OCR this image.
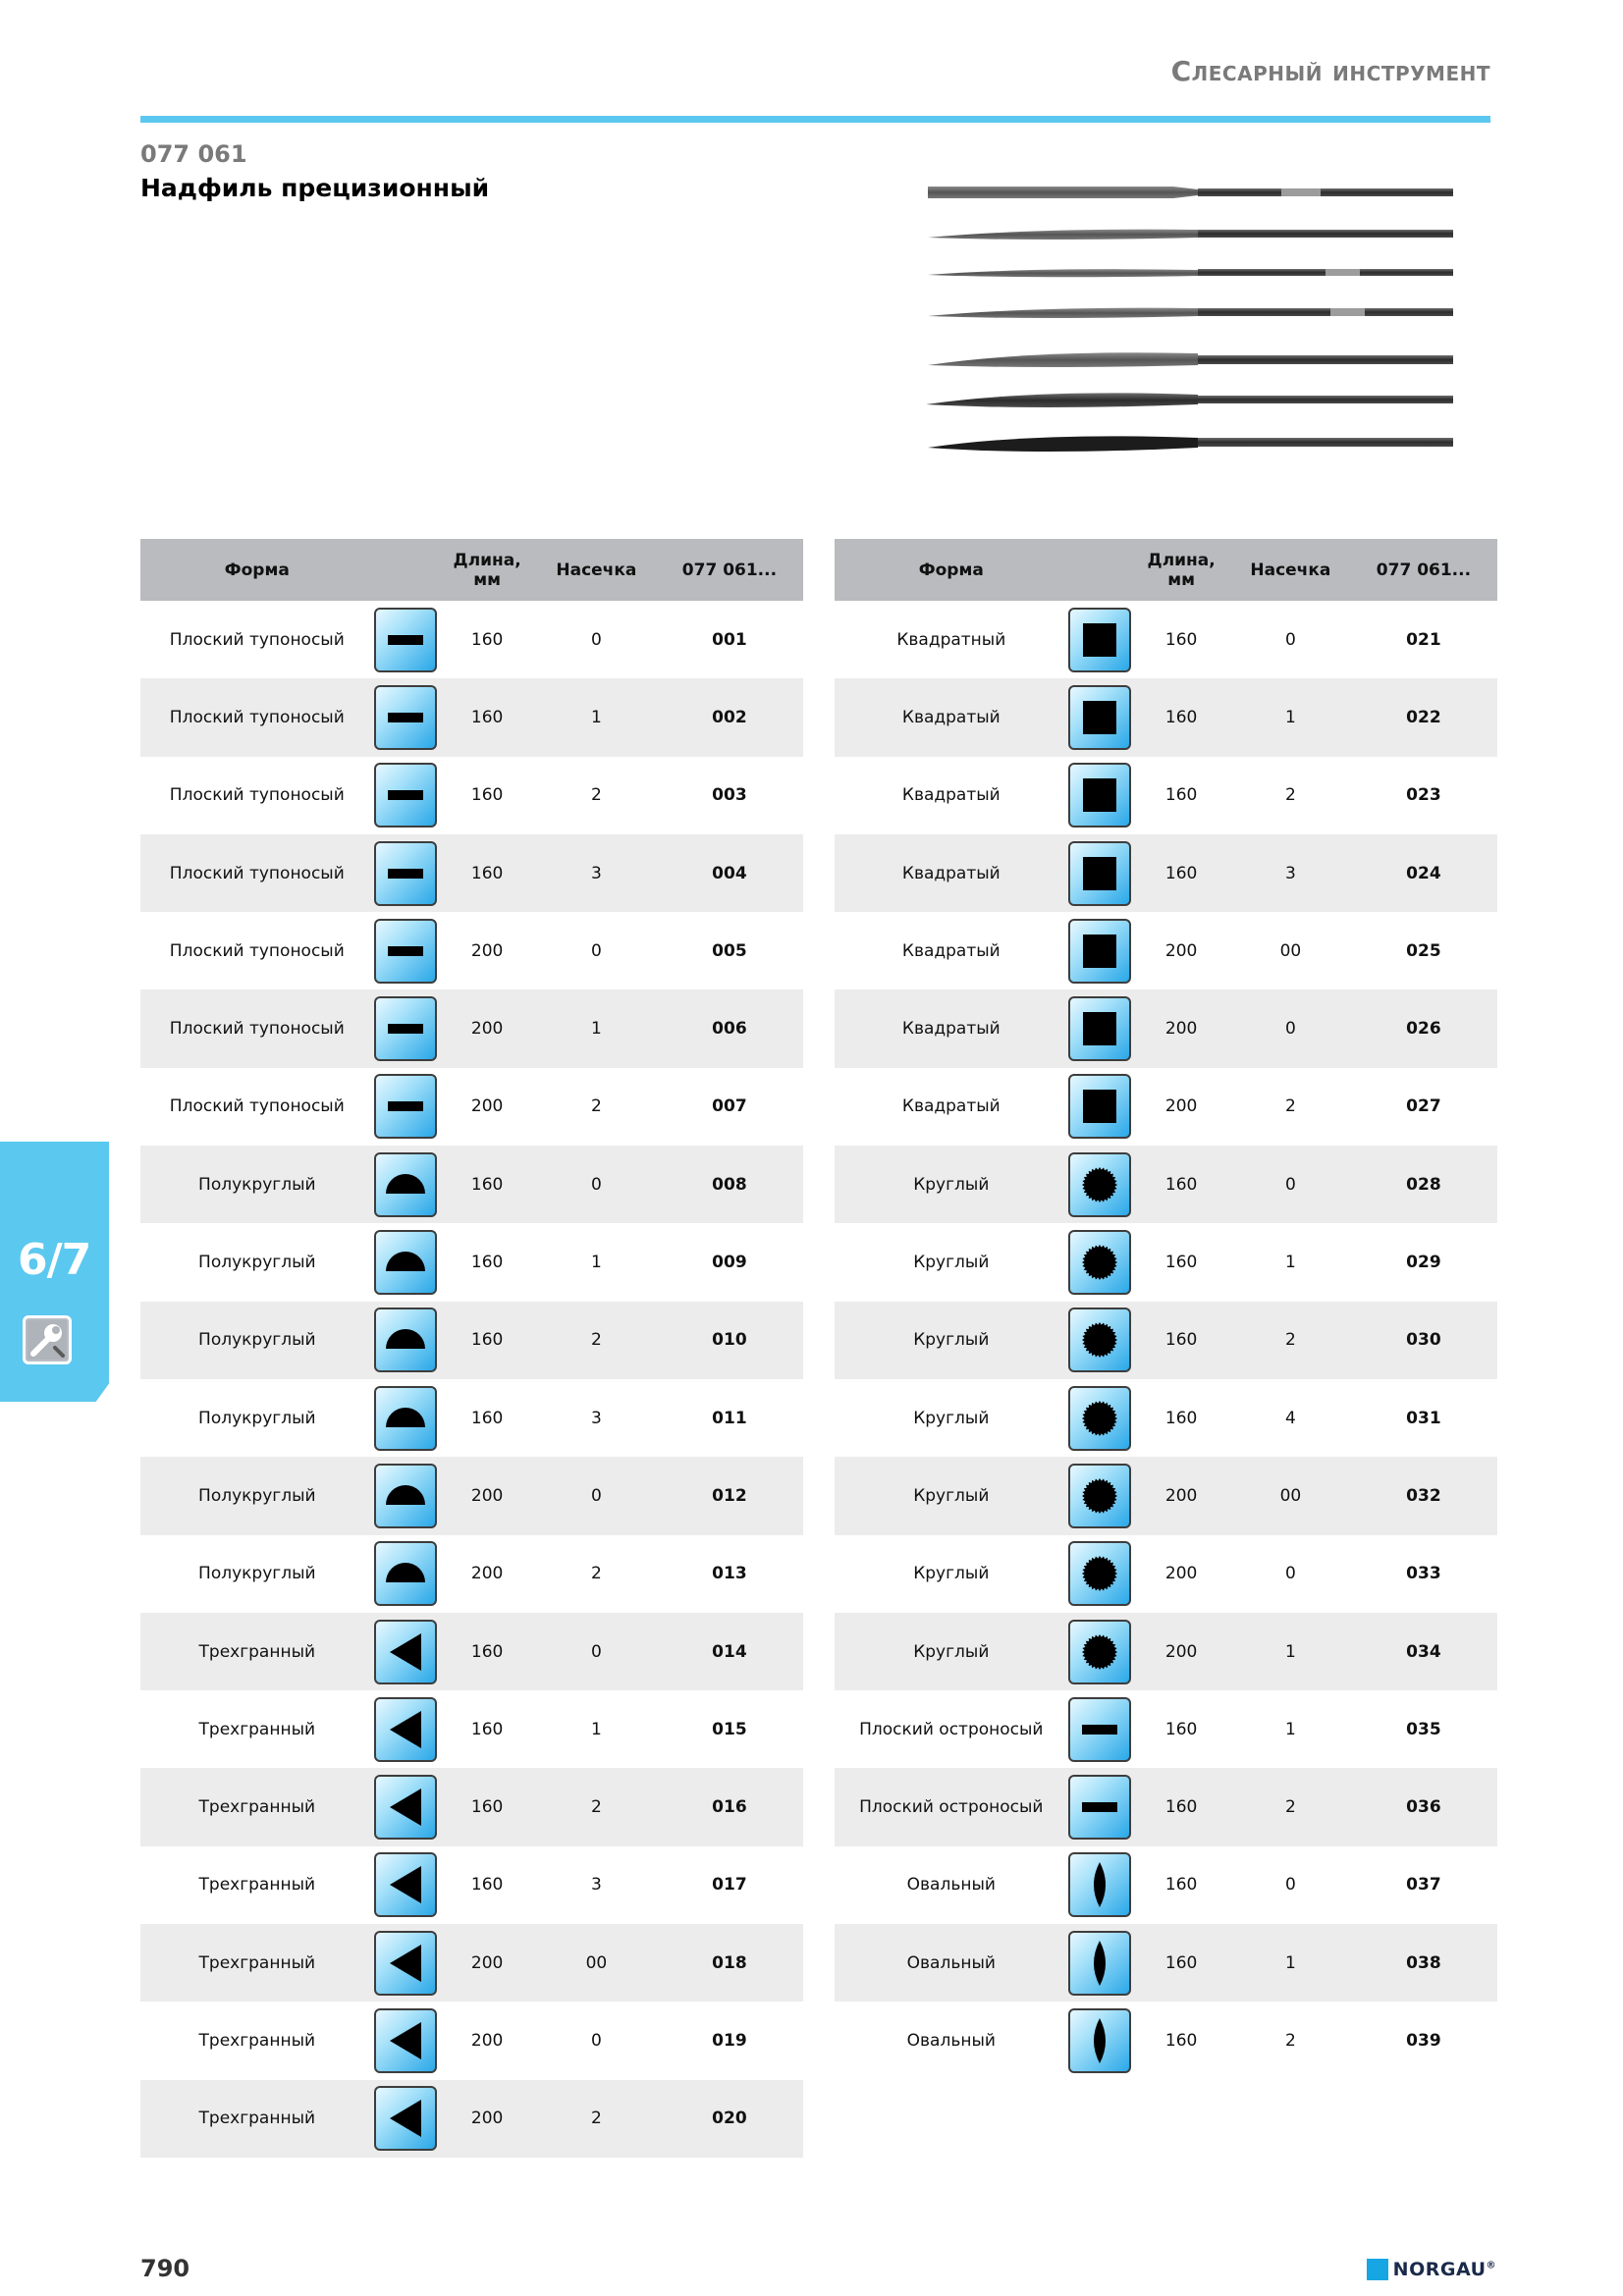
Слесарный инструмент
077 061
Надфиль прецизионный
Форма		Длина, мм	Насечка	077 061...
Плоский тупоносый		160	0	001
Плоский тупоносый		160	1	002
Плоский тупоносый		160	2	003
Плоский тупоносый		160	3	004
Плоский тупоносый		200	0	005
Плоский тупоносый		200	1	006
Плоский тупоносый		200	2	007
Полукруглый		160	0	008
Полукруглый		160	1	009
Полукруглый		160	2	010
Полукруглый		160	3	011
Полукруглый		200	0	012
Полукруглый		200	2	013
Трехгранный		160	0	014
Трехгранный		160	1	015
Трехгранный		160	2	016
Трехгранный		160	3	017
Трехгранный		200	00	018
Трехгранный		200	0	019
Трехгранный		200	2	020
Форма		Длина, мм	Насечка	077 061...
Квадратный		160	0	021
Квадратый		160	1	022
Квадратый		160	2	023
Квадратый		160	3	024
Квадратый		200	00	025
Квадратый		200	0	026
Квадратый		200	2	027
Круглый		160	0	028
Круглый		160	1	029
Круглый		160	2	030
Круглый		160	4	031
Круглый		200	00	032
Круглый		200	0	033
Круглый		200	1	034
Плоский остроносый		160	1	035
Плоский остроносый		160	2	036
Овальный		160	0	037
Овальный		160	1	038
Овальный		160	2	039
6/7
790	NORGAU®
